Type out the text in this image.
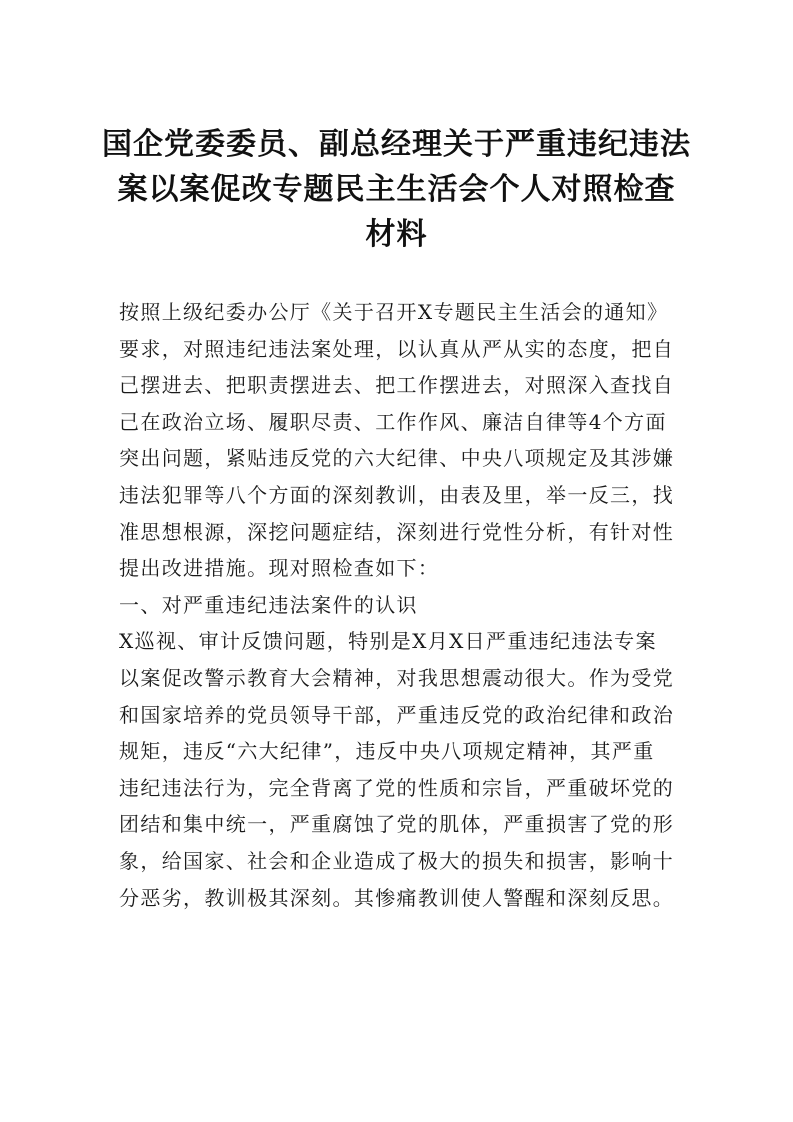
国企党委委员、副总经理关于严重违纪违法
案以案促改专题民主生活会个人对照检查
材料
按照上级纪委办公厅《关于召开X专题民主生活会的通知》
要求，对照违纪违法案处理，以认真从严从实的态度，把自
己摆进去、把职责摆进去、把工作摆进去，对照深入查找自
己在政治立场、履职尽责、工作作风、廉洁自律等4个方面
突出问题，紧贴违反党的六大纪律、中央八项规定及其涉嫌
违法犯罪等八个方面的深刻教训，由表及里，举一反三，找
准思想根源，深挖问题症结，深刻进行党性分析，有针对性
提出改进措施。现对照检查如下：
一、对严重违纪违法案件的认识
X巡视、审计反馈问题，特别是X月X日严重违纪违法专案
以案促改警示教育大会精神，对我思想震动很大。作为受党
和国家培养的党员领导干部，严重违反党的政治纪律和政治
规矩，违反“六大纪律”，违反中央八项规定精神，其严重
违纪违法行为，完全背离了党的性质和宗旨，严重破坏党的
团结和集中统一，严重腐蚀了党的肌体，严重损害了党的形
象，给国家、社会和企业造成了极大的损失和损害，影响十
分恶劣，教训极其深刻。其惨痛教训使人警醒和深刻反思。
